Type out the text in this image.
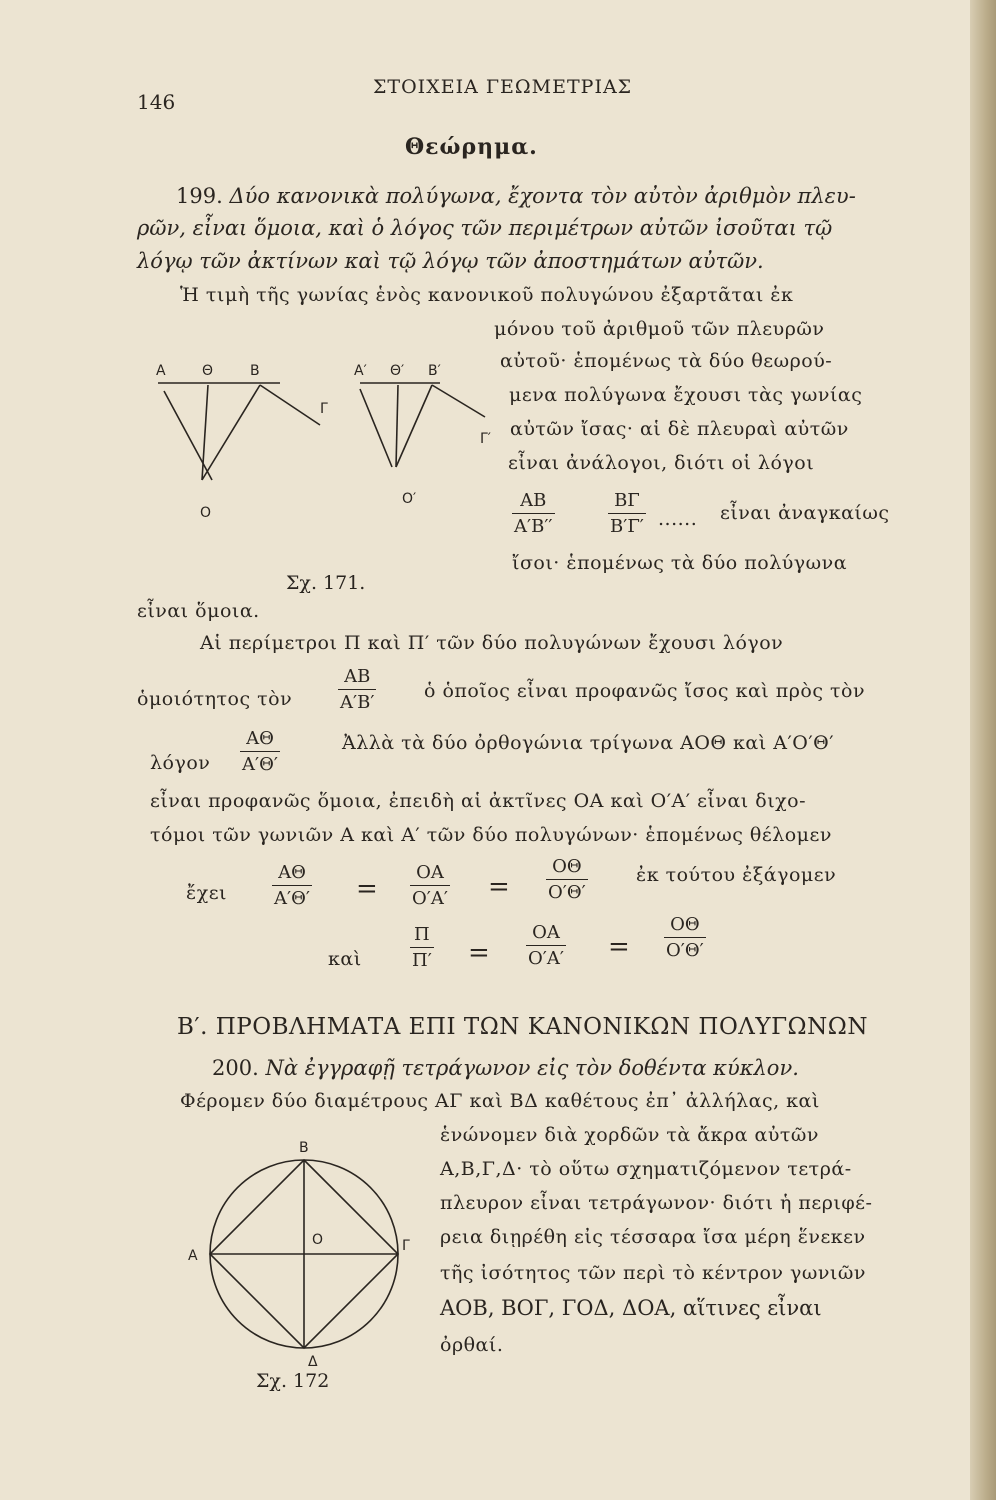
146
ΣΤΟΙΧΕΙΑ ΓΕΩΜΕΤΡΙΑΣ
Θεώρημα.
199. Δύο κανονικὰ πολύγωνα, ἔχοντα τὸν αὐτὸν ἀριθμὸν πλευ-
ρῶν, εἶναι ὅμοια, καὶ ὁ λόγος τῶν περιμέτρων αὐτῶν ἰσοῦται τῷ
λόγῳ τῶν ἀκτίνων καὶ τῷ λόγῳ τῶν ἀποστημάτων αὐτῶν.
Ἡ τιμὴ τῆς γωνίας ἑνὸς κανονικοῦ πολυγώνου ἐξαρτᾶται ἐκ
μόνου τοῦ ἀριθμοῦ τῶν πλευρῶν
αὐτοῦ· ἑπομένως τὰ δύο θεωρού-
μενα πολύγωνα ἔχουσι τὰς γωνίας
αὐτῶν ἴσας· αἱ δὲ πλευραὶ αὐτῶν
εἶναι ἀνάλογοι, διότι οἱ λόγοι
$\frac{AB}{A'B''}$	$\frac{B\Gamma}{B'\Gamma'}$ ...... εἶναι ἀναγκαίως
ἴσοι· ἑπομένως τὰ δύο πολύγωνα
Σχ. 171.
εἶναι ὅμοια.
Αἱ περίμετροι Π καὶ Π′ τῶν δύο πολυγώνων ἔχουσι λόγον
ὁμοιότητος τὸν	$\frac{AB}{A'B'}$	ὁ ὁποῖος εἶναι προφανῶς ἴσος καὶ πρὸς τὸν
λόγον $\frac{A\Theta}{A'\Theta'}$	Ἀλλὰ τὰ δύο ὀρθογώνια τρίγωνα ΑΟΘ καὶ Α′Ο′Θ′
εἶναι προφανῶς ὅμοια, ἐπειδὴ αἱ ἀκτῖνες ΟΑ καὶ Ο′Α′ εἶναι διχο-
τόμοι τῶν γωνιῶν Α καὶ Α′ τῶν δύο πολυγώνων· ἑπομένως θέλομεν
ἔχει $\frac{A\Theta}{A'\Theta'} = \frac{OA}{O'A'} = \frac{O\Theta}{O'\Theta'}$	ἐκ τούτου ἐξάγομεν
καὶ	$\frac{\Pi}{\Pi'} = \frac{OA}{O'A'} = \frac{O\Theta}{O'\Theta'}$
Β′. ΠΡΟΒΛΗΜΑΤΑ ΕΠΙ ΤΩΝ ΚΑΝΟΝΙΚΩΝ ΠΟΛΥΓΩΝΩΝ
200. Νὰ ἐγγραφῇ τετράγωνον εἰς τὸν δοθέντα κύκλον.
Φέρομεν δύο διαμέτρους ΑΓ καὶ ΒΔ καθέτους ἐπ᾽ ἀλλήλας, καὶ
ἑνώνομεν διὰ χορδῶν τὰ ἄκρα αὐτῶν
Α,Β,Γ,Δ· τὸ οὕτω σχηματιζόμενον τετρά-
πλευρον εἶναι τετράγωνον· διότι ἡ περιφέ-
ρεια διῃρέθη εἰς τέσσαρα ἴσα μέρη ἕνεκεν
τῆς ἰσότητος τῶν περὶ τὸ κέντρον γωνιῶν
ΑΟΒ, ΒΟΓ, ΓΟΔ, ΔΟΑ, αἵτινες εἶναι
ὀρθαί.
Α	Θ	Β
Γ
Ο
Α′ Θ′ Β′
Γ′
Ο′
Β
Α
Γ
Ο
Δ
Σχ. 172
